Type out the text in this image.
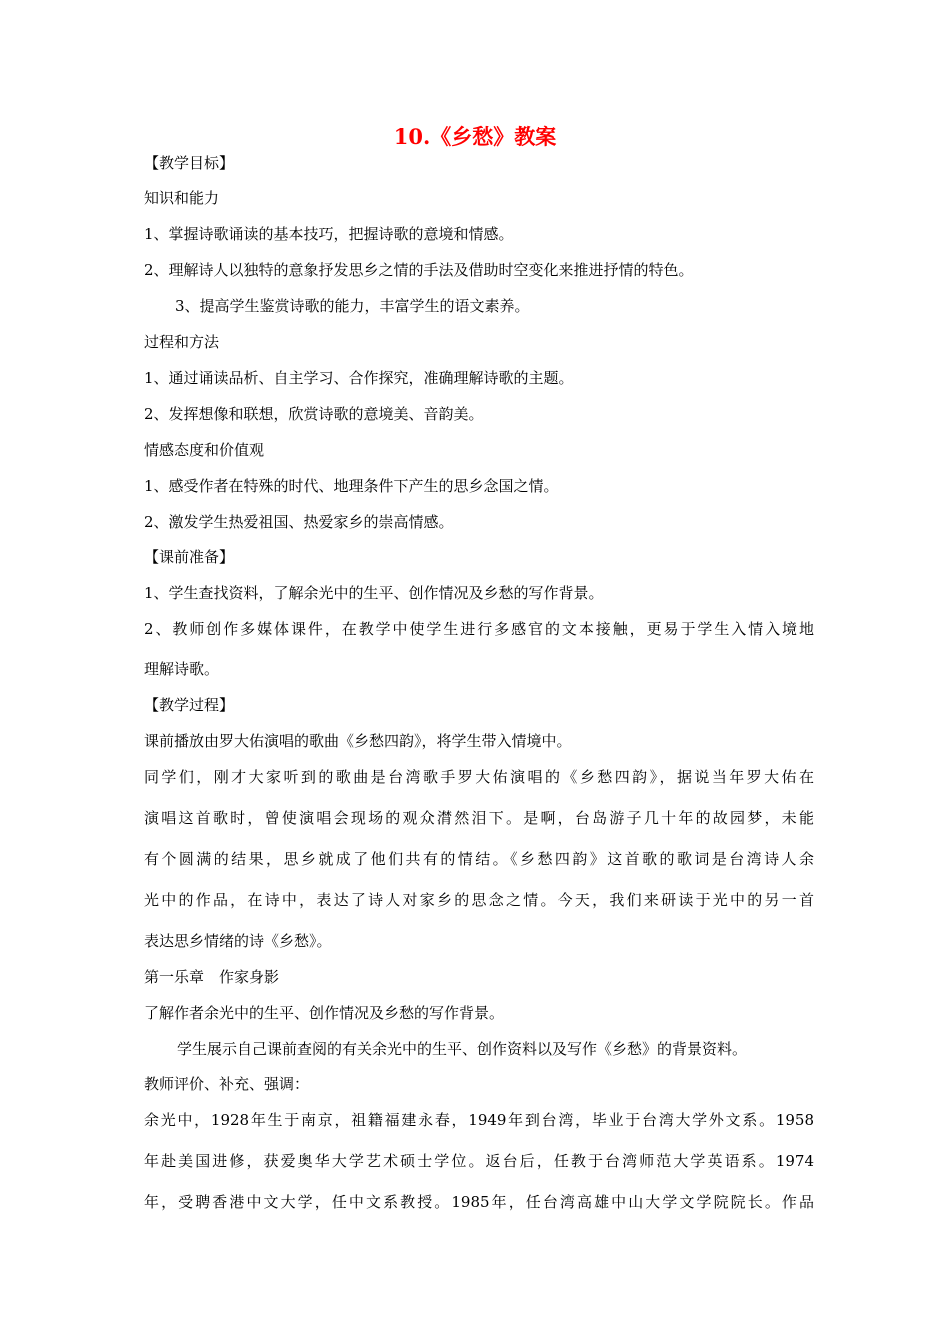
10.《乡愁》教案
【教学目标】
知识和能力
1、掌握诗歌诵读的基本技巧，把握诗歌的意境和情感。
2、理解诗人以独特的意象抒发思乡之情的手法及借助时空变化来推进抒情的特色。
3、提高学生鉴赏诗歌的能力，丰富学生的语文素养。
过程和方法
1、通过诵读品析、自主学习、合作探究，准确理解诗歌的主题。
2、发挥想像和联想，欣赏诗歌的意境美、音韵美。
情感态度和价值观
1、感受作者在特殊的时代、地理条件下产生的思乡念国之情。
2、激发学生热爱祖国、热爱家乡的崇高情感。
【课前准备】
1、学生查找资料，了解余光中的生平、创作情况及乡愁的写作背景。
2、教师创作多媒体课件，在教学中使学生进行多感官的文本接触，更易于学生入情入境地
理解诗歌。
【教学过程】
课前播放由罗大佑演唱的歌曲《乡愁四韵》，将学生带入情境中。
同学们，刚才大家听到的歌曲是台湾歌手罗大佑演唱的《乡愁四韵》，据说当年罗大佑在
演唱这首歌时，曾使演唱会现场的观众潸然泪下。是啊，台岛游子几十年的故园梦，未能
有个圆满的结果，思乡就成了他们共有的情结。《乡愁四韵》这首歌的歌词是台湾诗人余
光中的作品，在诗中，表达了诗人对家乡的思念之情。今天，我们来研读于光中的另一首
表达思乡情绪的诗《乡愁》。
第一乐章　作家身影
了解作者余光中的生平、创作情况及乡愁的写作背景。
学生展示自己课前查阅的有关余光中的生平、创作资料以及写作《乡愁》的背景资料。
教师评价、补充、强调：
余光中，1928年生于南京，祖籍福建永春，1949年到台湾，毕业于台湾大学外文系。1958
年赴美国进修，获爱奥华大学艺术硕士学位。返台后，任教于台湾师范大学英语系。1974
年，受聘香港中文大学，任中文系教授。1985年，任台湾高雄中山大学文学院院长。作品
